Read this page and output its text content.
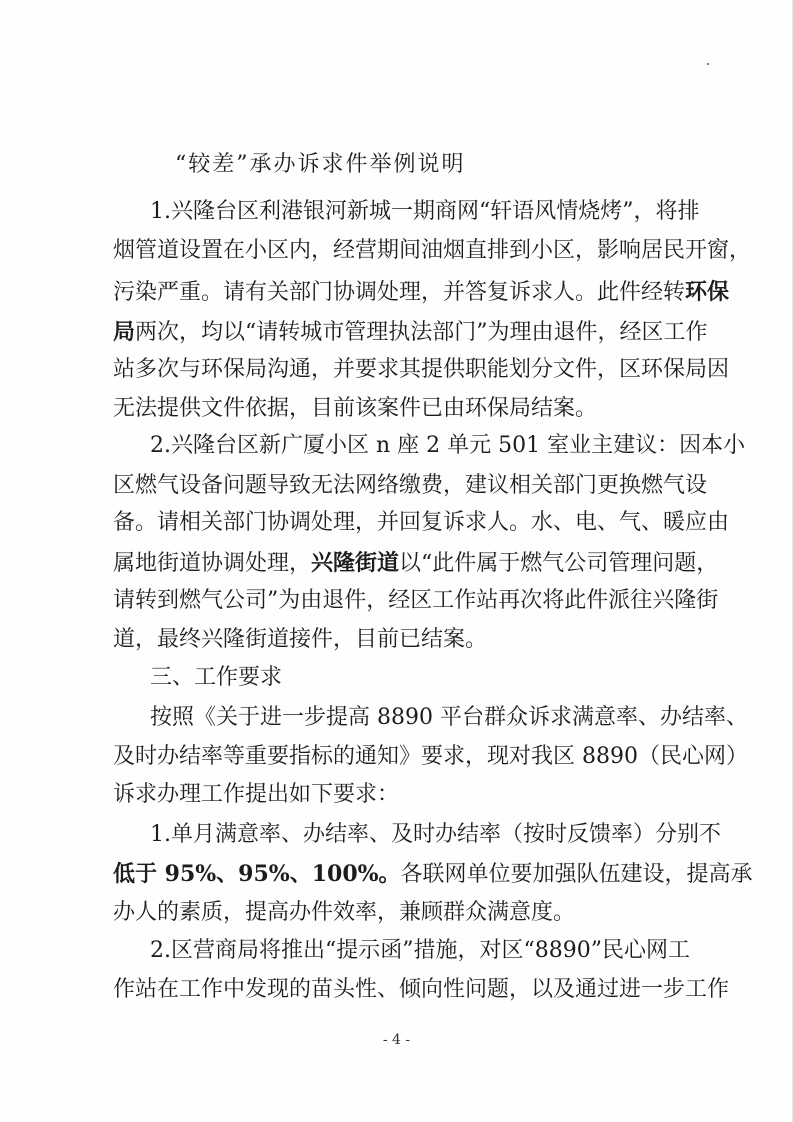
“较差”承办诉求件举例说明
1.兴隆台区利港银河新城一期商网“轩语风情烧烤”，将排
烟管道设置在小区内，经营期间油烟直排到小区，影响居民开窗，
污染严重。请有关部门协调处理，并答复诉求人。此件经转环保
局两次，均以“请转城市管理执法部门”为理由退件，经区工作
站多次与环保局沟通，并要求其提供职能划分文件，区环保局因
无法提供文件依据，目前该案件已由环保局结案。
2.兴隆台区新广厦小区 n 座 2 单元 501 室业主建议：因本小
区燃气设备问题导致无法网络缴费，建议相关部门更换燃气设
备。请相关部门协调处理，并回复诉求人。水、电、气、暖应由
属地街道协调处理，兴隆街道以“此件属于燃气公司管理问题，
请转到燃气公司”为由退件，经区工作站再次将此件派往兴隆街
道，最终兴隆街道接件，目前已结案。
三、工作要求
按照《关于进一步提高 8890 平台群众诉求满意率、办结率、
及时办结率等重要指标的通知》要求，现对我区 8890（民心网）
诉求办理工作提出如下要求：
1.单月满意率、办结率、及时办结率（按时反馈率）分别不
低于 95%、95%、100%。各联网单位要加强队伍建设，提高承
办人的素质，提高办件效率，兼顾群众满意度。
2.区营商局将推出“提示函”措施，对区“8890”民心网工
作站在工作中发现的苗头性、倾向性问题，以及通过进一步工作
- 4 -
